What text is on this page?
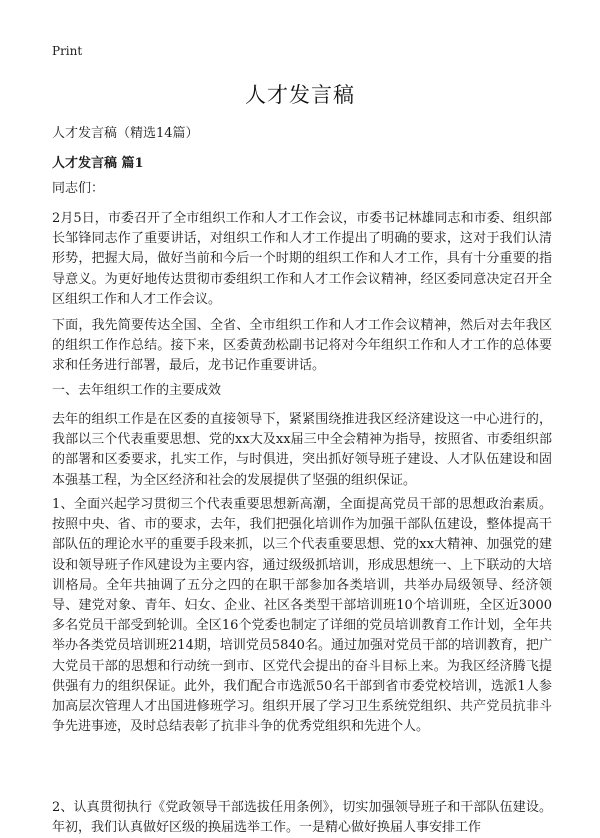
Print
人才发言稿
人才发言稿（精选14篇）
人才发言稿 篇1

同志们：

2月5日，市委召开了全市组织工作和人才工作会议，市委书记林雄同志和市委、组织部长邹锋同志作了重要讲话，对组织工作和人才工作提出了明确的要求，这对于我们认清形势，把握大局，做好当前和今后一个时期的组织工作和人才工作，具有十分重要的指导意义。为更好地传达贯彻市委组织工作和人才工作会议精神，经区委同意决定召开全区组织工作和人才工作会议。

下面，我先简要传达全国、全省、全市组织工作和人才工作会议精神，然后对去年我区的组织工作作总结。接下来，区委黄劲松副书记将对今年组织工作和人才工作的总体要求和任务进行部署，最后，龙书记作重要讲话。

一、去年组织工作的主要成效

去年的组织工作是在区委的直接领导下，紧紧围绕推进我区经济建设这一中心进行的，我部以三个代表重要思想、党的xx大及xx届三中全会精神为指导，按照省、市委组织部的部署和区委要求，扎实工作，与时俱进，突出抓好领导班子建设、人才队伍建设和固本强基工程，为全区经济和社会的发展提供了坚强的组织保证。

1、全面兴起学习贯彻三个代表重要思想新高潮，全面提高党员干部的思想政治素质。按照中央、省、市的要求，去年，我们把强化培训作为加强干部队伍建设，整体提高干部队伍的理论水平的重要手段来抓，以三个代表重要思想、党的xx大精神、加强党的建设和领导班子作风建设为主要内容，通过级级抓培训，形成思想统一、上下联动的大培训格局。全年共抽调了五分之四的在职干部参加各类培训，共举办局级领导、经济领导、建党对象、青年、妇女、企业、社区各类型干部培训班10个培训班，全区近3000多名党员干部受到轮训。全区16个党委也制定了详细的党员培训教育工作计划，全年共举办各类党员培训班214期，培训党员5840名。通过加强对党员干部的培训教育，把广大党员干部的思想和行动统一到市、区党代会提出的奋斗目标上来。为我区经济腾飞提供强有力的组织保证。此外，我们配合市选派50名干部到省市委党校培训，选派1人参加高层次管理人才出国进修班学习。组织开展了学习卫生系统党组织、共产党员抗非斗争先进事迹，及时总结表彰了抗非斗争的优秀党组织和先进个人。

2、认真贯彻执行《党政领导干部选拔任用条例》，切实加强领导班子和干部队伍建设。年初，我们认真做好区级的换届选举工作。一是精心做好换届人事安排工作
